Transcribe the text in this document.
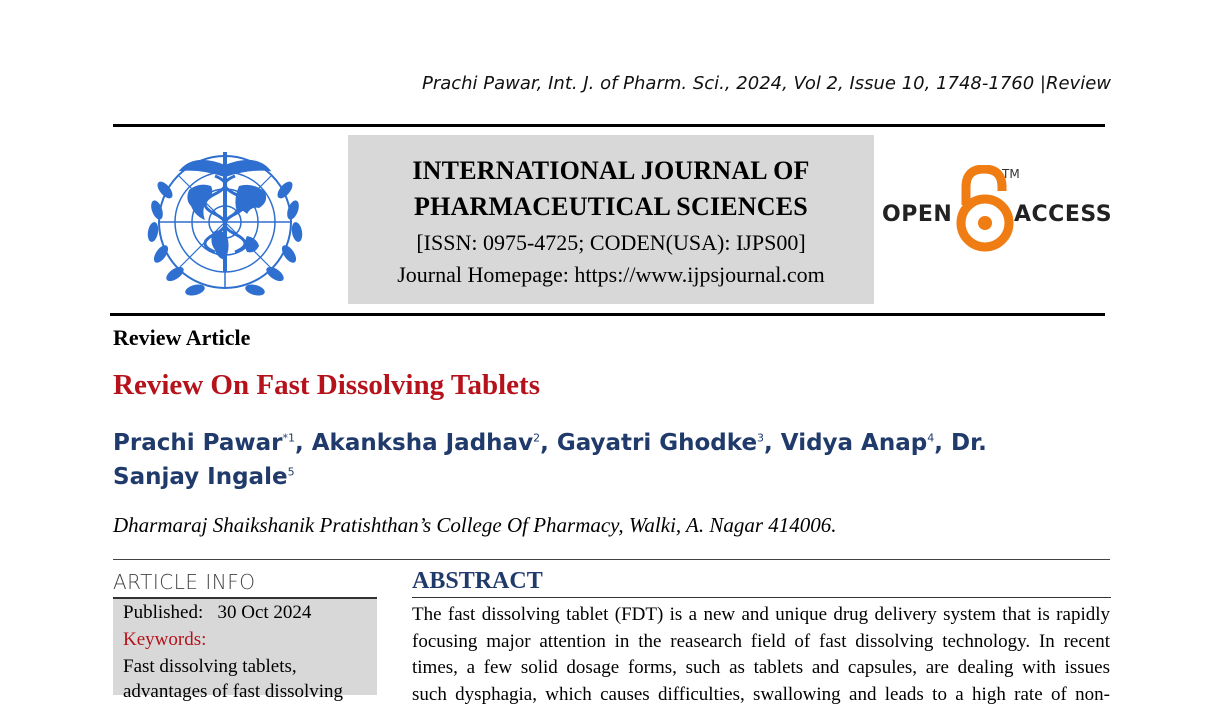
Prachi Pawar, Int. J. of Pharm. Sci., 2024, Vol 2, Issue 10, 1748-1760 |Review
INTERNATIONAL JOURNAL OF
PHARMACEUTICAL SCIENCES
[ISSN: 0975-4725; CODEN(USA): IJPS00]
Journal Homepage: https://www.ijpsjournal.com
OPEN
TM
ACCESS
Review Article
Review On Fast Dissolving Tablets
Prachi Pawar$^{*1}$, Akanksha Jadhav$^2$, Gayatri Ghodke$^3$, Vidya Anap$^4$, Dr. Sanjay Ingale$^5$
Dharmaraj Shaikshanik Pratishthan’s College Of Pharmacy, Walki, A. Nagar 414006.
ARTICLE INFO
Published:   30 Oct 2024
Keywords:
Fast dissolving tablets,
advantages of fast dissolving
ABSTRACT
The fast dissolving tablet (FDT) is a new and unique drug delivery system that is rapidly
focusing major attention in the reasearch field of fast dissolving technology. In recent
times, a few solid dosage forms, such as tablets and capsules, are dealing with issues
such dysphagia, which causes difficulties, swallowing and leads to a high rate of non-
